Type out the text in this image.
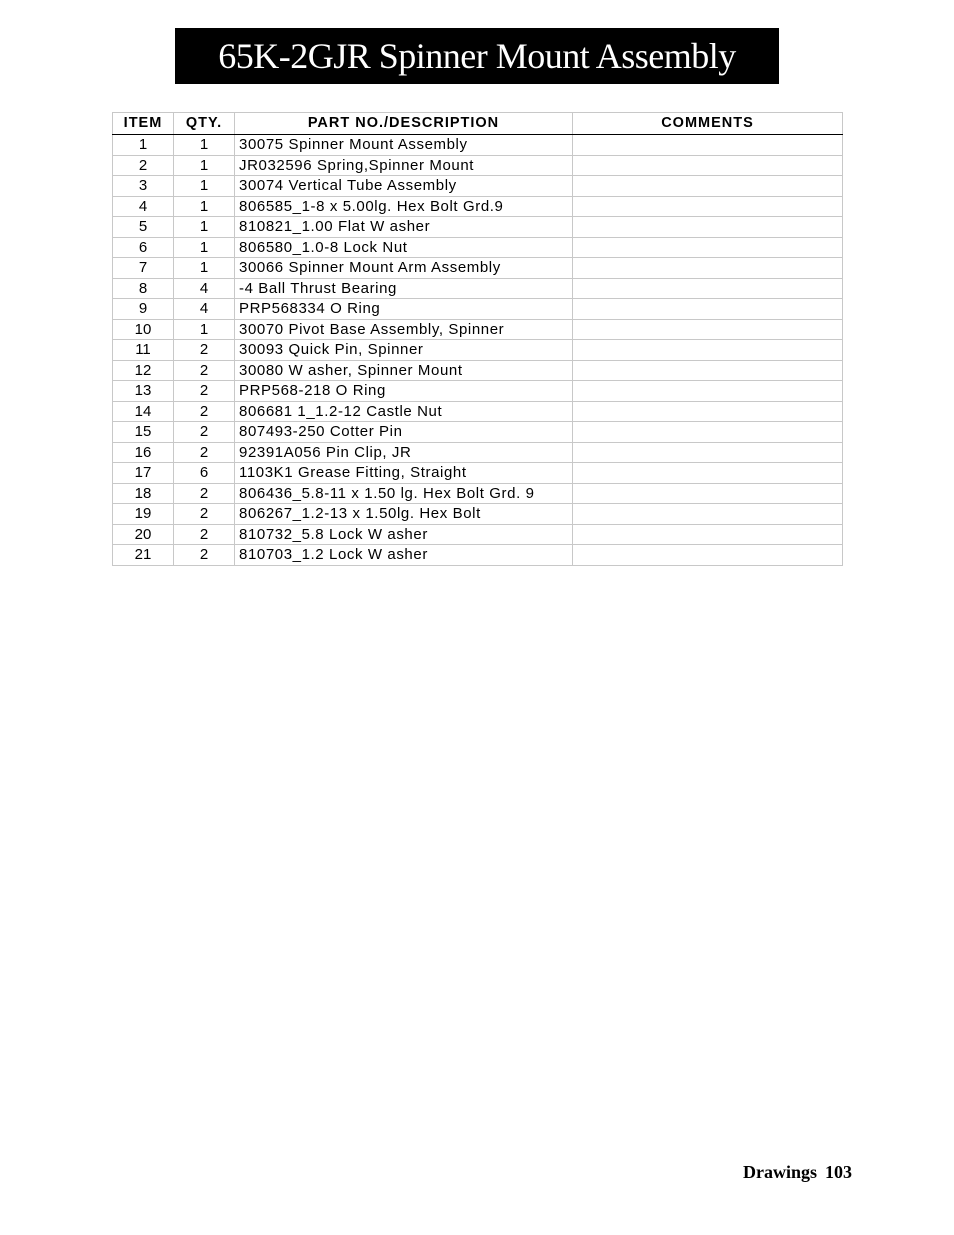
65K-2GJR Spinner Mount Assembly
ITEM	QTY.	PART NO./DESCRIPTION	COMMENTS
1	1	30075 Spinner Mount Assembly	
2	1	JR032596 Spring,Spinner Mount	
3	1	30074 Vertical Tube Assembly	
4	1	806585_1-8 x 5.00lg. Hex Bolt Grd.9	
5	1	810821_1.00 Flat W asher	
6	1	806580_1.0-8 Lock Nut	
7	1	30066 Spinner Mount Arm Assembly	
8	4	-4 Ball Thrust Bearing	
9	4	PRP568334 O Ring	
10	1	30070 Pivot Base Assembly, Spinner	
11	2	30093 Quick Pin, Spinner	
12	2	30080 W asher, Spinner Mount	
13	2	PRP568-218 O Ring	
14	2	806681 1_1.2-12 Castle Nut	
15	2	807493-250 Cotter Pin	
16	2	92391A056 Pin Clip, JR	
17	6	1103K1 Grease Fitting, Straight	
18	2	806436_5.8-11 x 1.50 lg. Hex Bolt Grd. 9	
19	2	806267_1.2-13 x 1.50lg. Hex Bolt	
20	2	810732_5.8 Lock W asher	
21	2	810703_1.2 Lock W asher	
Drawings 103
